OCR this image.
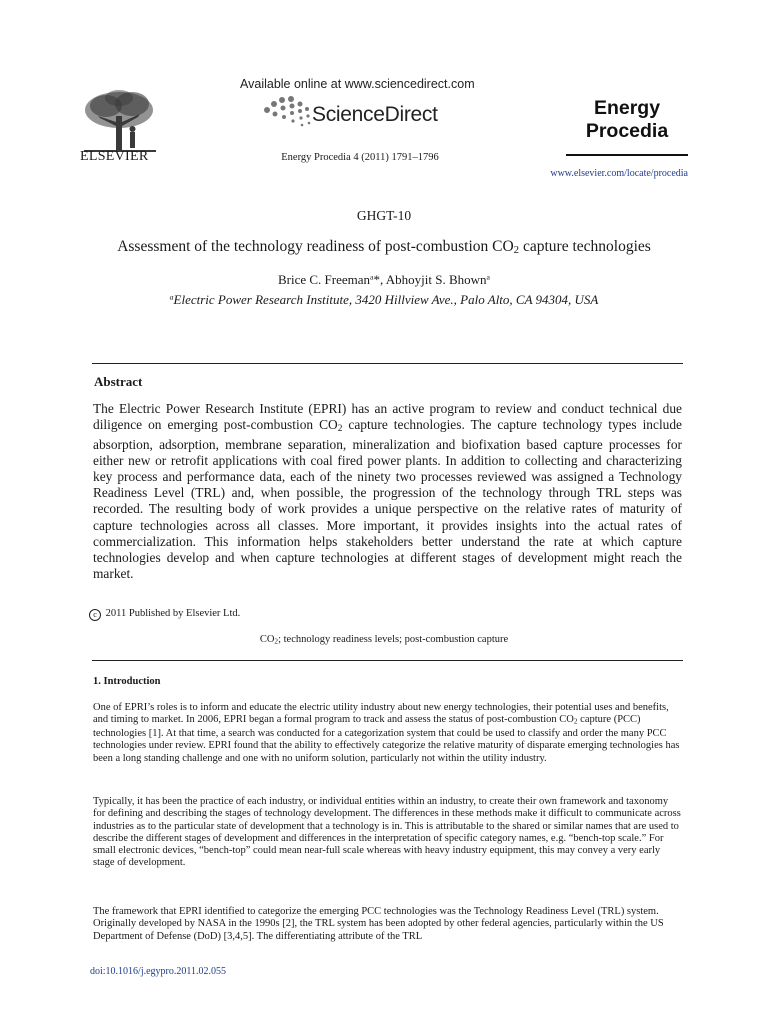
ELSEVIER
Available online at www.sciencedirect.com
ScienceDirect
Energy Procedia 4 (2011) 1791–1796
Energy
Procedia
www.elsevier.com/locate/procedia
GHGT-10
Assessment of the technology readiness of post-combustion $CO_2$ capture technologies
Brice C. Freeman$^a$*, Abhoyjit S. Bhown$^a$
$^a$Electric Power Research Institute, 3420 Hillview Ave., Palo Alto, CA 94304, USA
Abstract
The Electric Power Research Institute (EPRI) has an active program to review and conduct technical due diligence on emerging post-combustion $CO_2$ capture technologies. The capture technology types include absorption, adsorption, membrane separation, mineralization and biofixation based capture processes for either new or retrofit applications with coal fired power plants. In addition to collecting and characterizing key process and performance data, each of the ninety two processes reviewed was assigned a Technology Readiness Level (TRL) and, when possible, the progression of the technology through TRL steps was recorded. The resulting body of work provides a unique perspective on the relative rates of maturity of capture technologies across all classes. More important, it provides insights into the actual rates of commercialization. This information helps stakeholders better understand the rate at which capture technologies develop and when capture technologies at different stages of development might reach the market.
c 2011 Published by Elsevier Ltd.
$CO_2$; technology readiness levels; post-combustion capture
1. Introduction
One of EPRI’s roles is to inform and educate the electric utility industry about new energy technologies, their potential uses and benefits, and timing to market. In 2006, EPRI began a formal program to track and assess the status of post-combustion $CO_2$ capture (PCC) technologies [1]. At that time, a search was conducted for a categorization system that could be used to classify and order the many PCC technologies under review. EPRI found that the ability to effectively categorize the relative maturity of disparate emerging technologies has been a long standing challenge and one with no uniform solution, particularly not within the utility industry.
Typically, it has been the practice of each industry, or individual entities within an industry, to create their own framework and taxonomy for defining and describing the stages of technology development. The differences in these methods make it difficult to communicate across industries as to the particular state of development that a technology is in. This is attributable to the shared or similar names that are used to describe the different stages of development and differences in the interpretation of specific category names, e.g. “bench-top scale.” For small electronic devices, “bench-top” could mean near-full scale whereas with heavy industry equipment, this may convey a very early stage of development.
The framework that EPRI identified to categorize the emerging PCC technologies was the Technology Readiness Level (TRL) system. Originally developed by NASA in the 1990s [2], the TRL system has been adopted by other federal agencies, particularly within the US Department of Defense (DoD) [3,4,5]. The differentiating attribute of the TRL
doi:10.1016/j.egypro.2011.02.055
